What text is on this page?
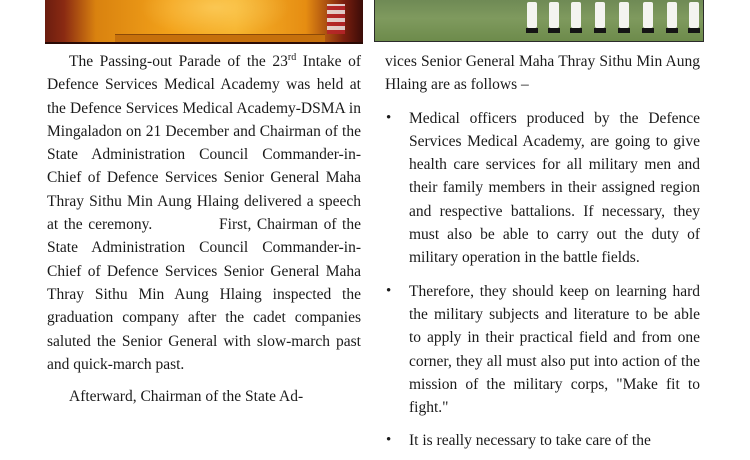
The Passing-out Parade of the 23rd Intake of Defence Services Medical Academy was held at the Defence Services Medical Academy-DSMA in Mingaladon on 21 December and Chairman of the State Administration Council Commander-in-Chief of Defence Services Senior General Maha Thray Sithu Min Aung Hlaing delivered a speech at the ceremony.            First, Chairman of the State Administration Council Commander-in-Chief of Defence Services Senior General Maha Thray Sithu Min Aung Hlaing inspected the graduation company after the cadet companies saluted the Senior General with slow-march past and quick-march past.

Afterward, Chairman of the State Ad-

vices Senior General Maha Thray Sithu Min Aung Hlaing are as follows –

• Medical officers produced by the Defence Services Medical Academy, are going to give health care services for all military men and their family members in their assigned region and respective battalions. If necessary, they must also be able to carry out the duty of military operation in the battle fields.
• Therefore, they should keep on learning hard the military subjects and literature to be able to apply in their practical field and from one corner, they all must also put into action of the mission of the military corps, "Make fit to fight."
• It is really necessary to take care of the
